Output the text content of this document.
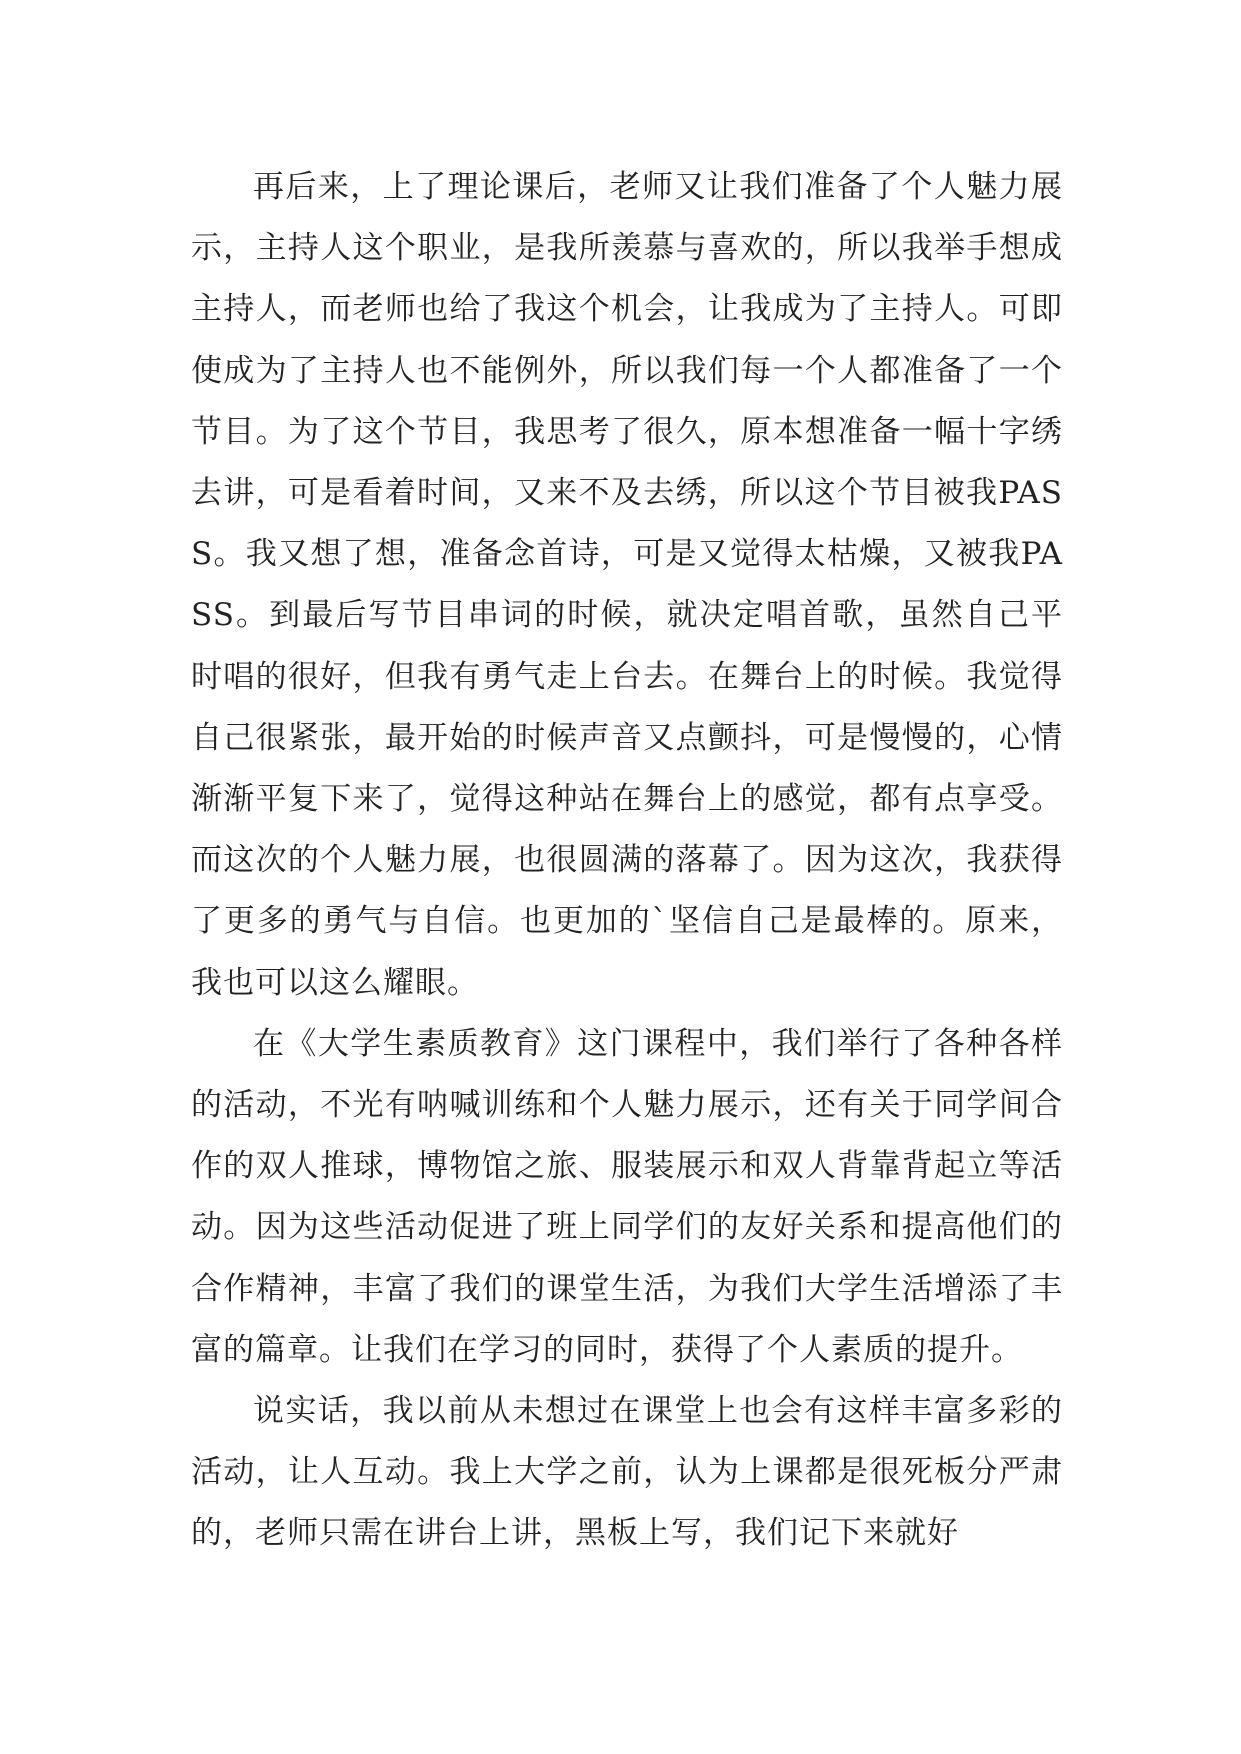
再后来，上了理论课后，老师又让我们准备了个人魅力展示，主持人这个职业，是我所羡慕与喜欢的，所以我举手想成主持人，而老师也给了我这个机会，让我成为了主持人。可即使成为了主持人也不能例外，所以我们每一个人都准备了一个节目。为了这个节目，我思考了很久，原本想准备一幅十字绣去讲，可是看着时间，又来不及去绣，所以这个节目被我PASS。我又想了想，准备念首诗，可是又觉得太枯燥，又被我PASS。到最后写节目串词的时候，就决定唱首歌，虽然自己平时唱的很好，但我有勇气走上台去。在舞台上的时候。我觉得自己很紧张，最开始的时候声音又点颤抖，可是慢慢的，心情渐渐平复下来了，觉得这种站在舞台上的感觉，都有点享受。而这次的个人魅力展，也很圆满的落幕了。因为这次，我获得了更多的勇气与自信。也更加的`坚信自己是最棒的。原来，我也可以这么耀眼。

在《大学生素质教育》这门课程中，我们举行了各种各样的活动，不光有呐喊训练和个人魅力展示，还有关于同学间合作的双人推球，博物馆之旅、服装展示和双人背靠背起立等活动。因为这些活动促进了班上同学们的友好关系和提高他们的合作精神，丰富了我们的课堂生活，为我们大学生活增添了丰富的篇章。让我们在学习的同时，获得了个人素质的提升。

说实话，我以前从未想过在课堂上也会有这样丰富多彩的活动，让人互动。我上大学之前，认为上课都是很死板分严肃的，老师只需在讲台上讲，黑板上写，我们记下来就好
